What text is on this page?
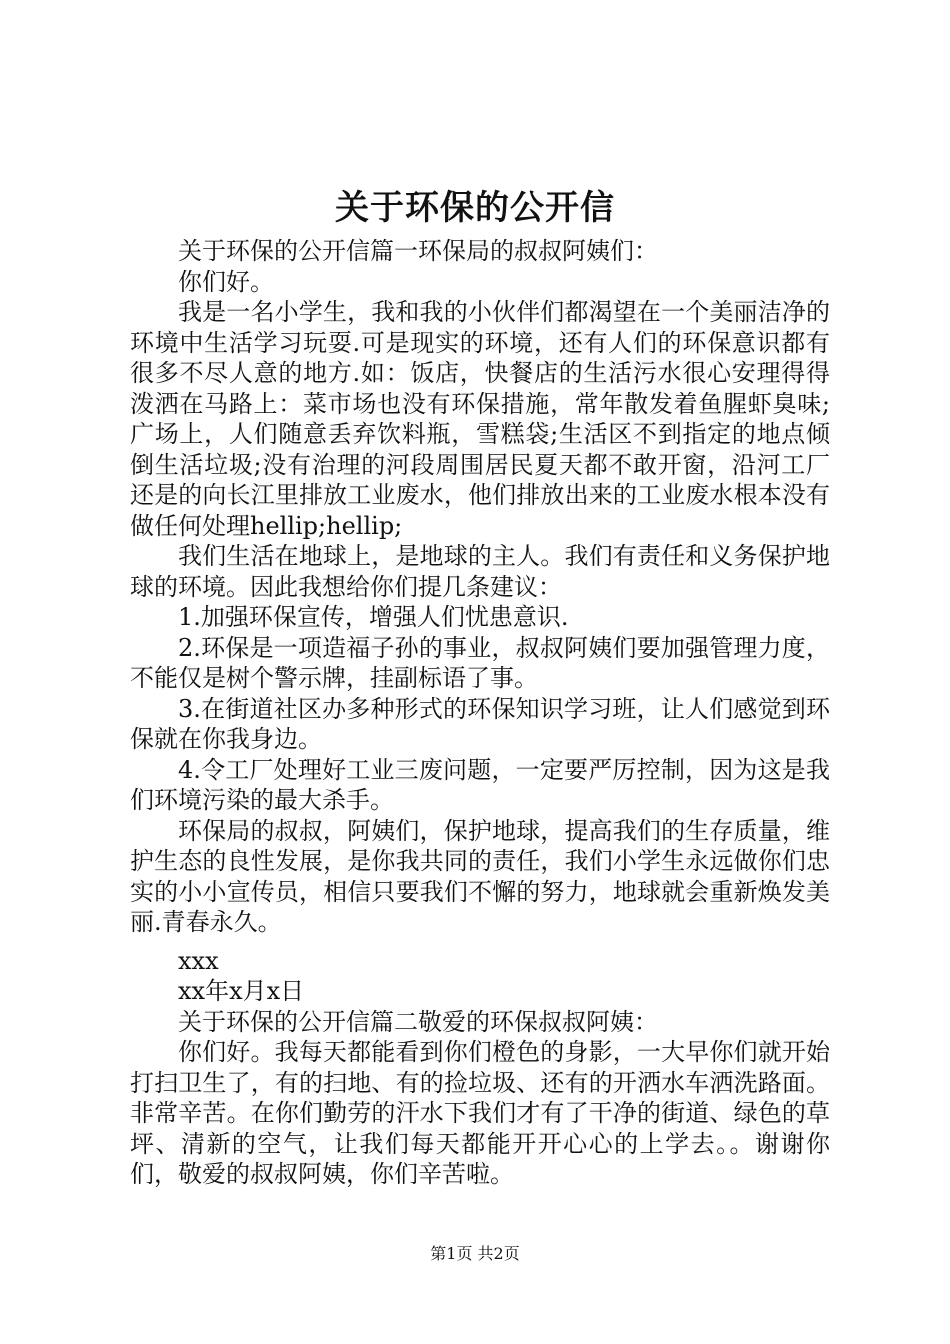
关于环保的公开信

关于环保的公开信篇一环保局的叔叔阿姨们：

你们好。

我是一名小学生，我和我的小伙伴们都渴望在一个美丽洁净的环境中生活学习玩耍.可是现实的环境，还有人们的环保意识都有很多不尽人意的地方.如：饭店，快餐店的生活污水很心安理得得泼洒在马路上：菜市场也没有环保措施，常年散发着鱼腥虾臭味;广场上，人们随意丢弃饮料瓶，雪糕袋;生活区不到指定的地点倾倒生活垃圾;没有治理的河段周围居民夏天都不敢开窗，沿河工厂还是的向长江里排放工业废水，他们排放出来的工业废水根本没有做任何处理hellip;hellip;

我们生活在地球上，是地球的主人。我们有责任和义务保护地球的环境。因此我想给你们提几条建议：

1.加强环保宣传，增强人们忧患意识.

2.环保是一项造福子孙的事业，叔叔阿姨们要加强管理力度，不能仅是树个警示牌，挂副标语了事。

3.在街道社区办多种形式的环保知识学习班，让人们感觉到环保就在你我身边。

4.令工厂处理好工业三废问题，一定要严厉控制，因为这是我们环境污染的最大杀手。

环保局的叔叔，阿姨们，保护地球，提高我们的生存质量，维护生态的良性发展，是你我共同的责任，我们小学生永远做你们忠实的小小宣传员，相信只要我们不懈的努力，地球就会重新焕发美丽.青春永久。

xxx

xx年x月x日

关于环保的公开信篇二敬爱的环保叔叔阿姨：

你们好。我每天都能看到你们橙色的身影，一大早你们就开始打扫卫生了，有的扫地、有的捡垃圾、还有的开洒水车洒洗路面。非常辛苦。在你们勤劳的汗水下我们才有了干净的街道、绿色的草坪、清新的空气，让我们每天都能开开心心的上学去。。谢谢你们，敬爱的叔叔阿姨，你们辛苦啦。

第1页 共2页
